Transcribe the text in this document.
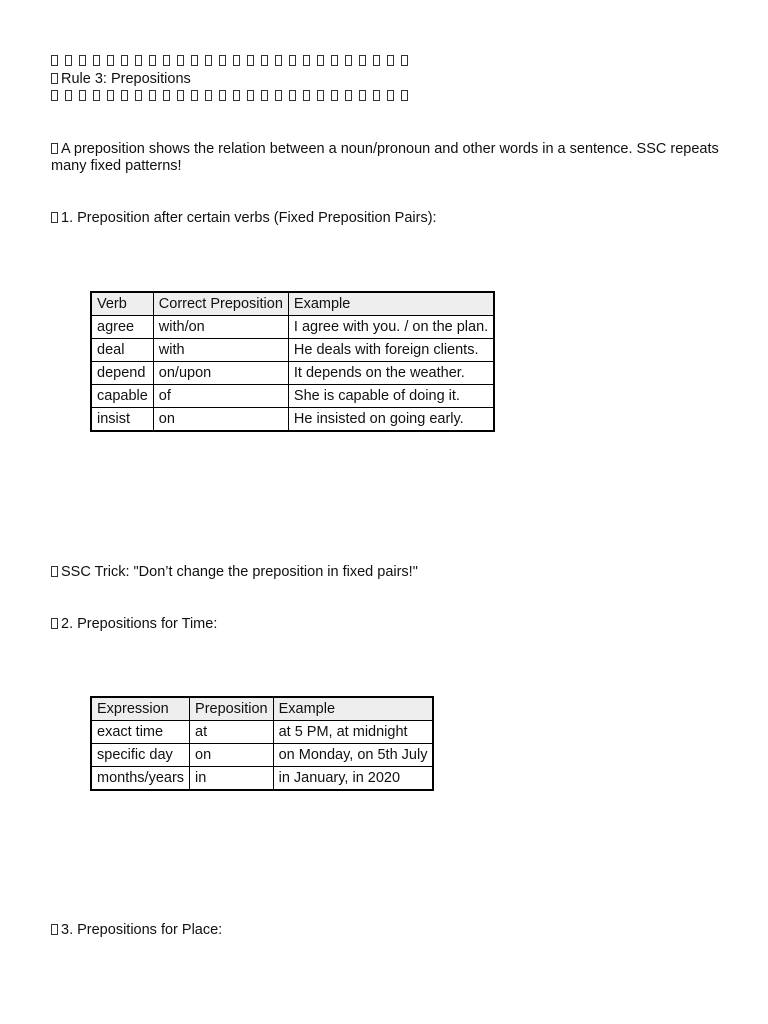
Rule 3: Prepositions
A preposition shows the relation between a noun/pronoun and other words in a sentence. SSC repeats many fixed patterns!
1. Preposition after certain verbs (Fixed Preposition Pairs):
Verb	Correct Preposition	Example
agree	with/on	I agree with you. / on the plan.
deal	with	He deals with foreign clients.
depend	on/upon	It depends on the weather.
capable	of	She is capable of doing it.
insist	on	He insisted on going early.
SSC Trick: "Don’t change the preposition in fixed pairs!"
2. Prepositions for Time:
Expression	Preposition	Example
exact time	at	at 5 PM, at midnight
specific day	on	on Monday, on 5th July
months/years	in	in January, in 2020
3. Prepositions for Place:
